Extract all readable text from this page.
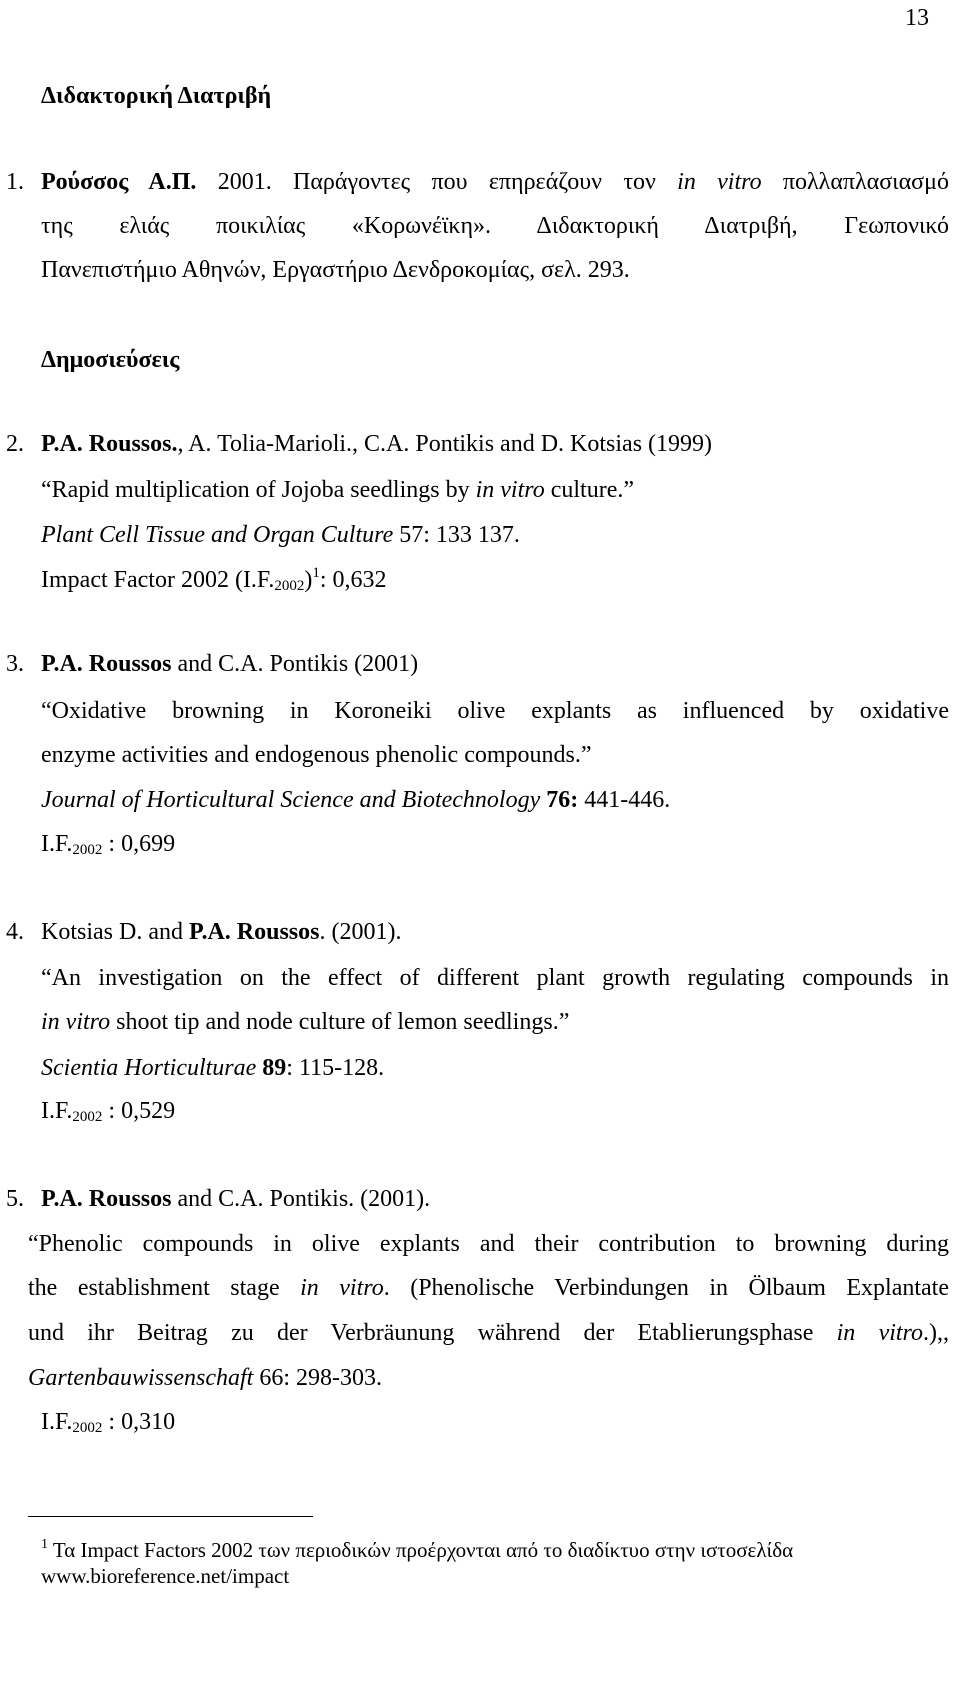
13
Διδακτορική Διατριβή
1. Ρούσσος Α.Π. 2001. Παράγοντες που επηρεάζουν τον in vitro πολλαπλασιασμό
της ελιάς ποικιλίας «Κορωνέϊκη». Διδακτορική Διατριβή, Γεωπονικό
Πανεπιστήμιο Αθηνών, Εργαστήριο Δενδροκομίας, σελ. 293.
Δημοσιεύσεις
2. P.A. Roussos., A. Tolia-Marioli., C.A. Pontikis and D. Kotsias (1999)
“Rapid multiplication of Jojoba seedlings by in vitro culture.”
Plant Cell Tissue and Organ Culture 57: 133 137.
Impact Factor 2002 $(I.F._{2002})^1$: 0,632
3. P.A. Roussos and C.A. Pontikis (2001)
“Oxidative browning in Koroneiki olive explants as influenced by oxidative
enzyme activities and endogenous phenolic compounds.”
Journal of Horticultural Science and Biotechnology 76: 441-446.
$I.F._{2002}$ : 0,699
4. Kotsias D. and P.A. Roussos. (2001).
“An investigation on the effect of different plant growth regulating compounds in
in vitro shoot tip and node culture of lemon seedlings.”
Scientia Horticulturae 89: 115-128.
$I.F._{2002}$ : 0,529
5. P.A. Roussos and C.A. Pontikis. (2001).
“Phenolic compounds in olive explants and their contribution to browning during
the establishment stage in vitro. (Phenolische Verbindungen in Ölbaum Explantate
und ihr Beitrag zu der Verbräunung während der Etablierungsphase in vitro.),,
Gartenbauwissenschaft 66: 298-303.
$I.F._{2002}$ : 0,310
$^1$ Τα Impact Factors 2002 των περιοδικών προέρχονται από το διαδίκτυο στην ιστοσελίδα
www.bioreference.net/impact
